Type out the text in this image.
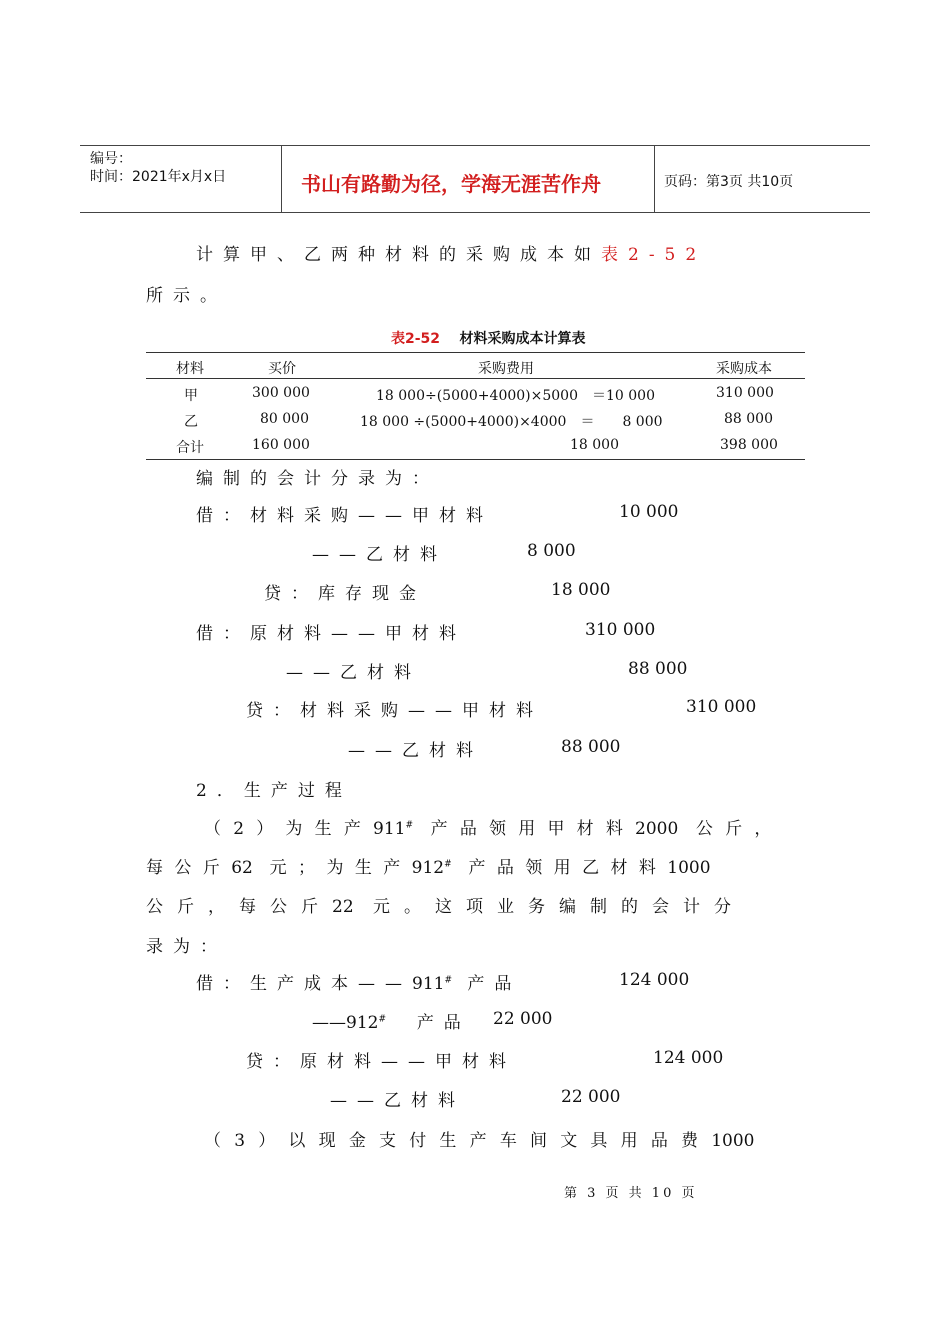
编号：
时间：2021年x月x日	书山有路勤为径，学海无涯苦作舟	页码：第3页 共10页
计算甲、乙两种材料的采购成本如表2-52
所示。
表2-52 材料采购成本计算表
材料	买价	采购费用	采购成本
甲	300 000	18 000÷(5000+4000)×5000　＝10 000	310 000
乙	80 000	18 000 ÷(5000+4000)×4000　＝　　8 000	88 000
合计	160 000	18 000	398 000
编制的会计分录为：
借：材料采购——甲材料	10 000
——乙材料	8 000
贷：库存现金	18 000
借：原材料——甲材料	310 000
——乙材料	88 000
贷：材料采购——甲材料	310 000
——乙材料	88 000
2．生产过程
（2）为生产911# 产品领用甲材料2000 公斤，
每公斤62 元；为生产912# 产品领用乙材料1000
公斤，每公斤22 元。这项业务编制的会计分
录为：
借：生产成本——911# 产品	124 000
——912# 产品 22 000
贷：原材料——甲材料	124 000
——乙材料	22 000
（3）以现金支付生产车间文具用品费1000
第 3 页 共 10 页
